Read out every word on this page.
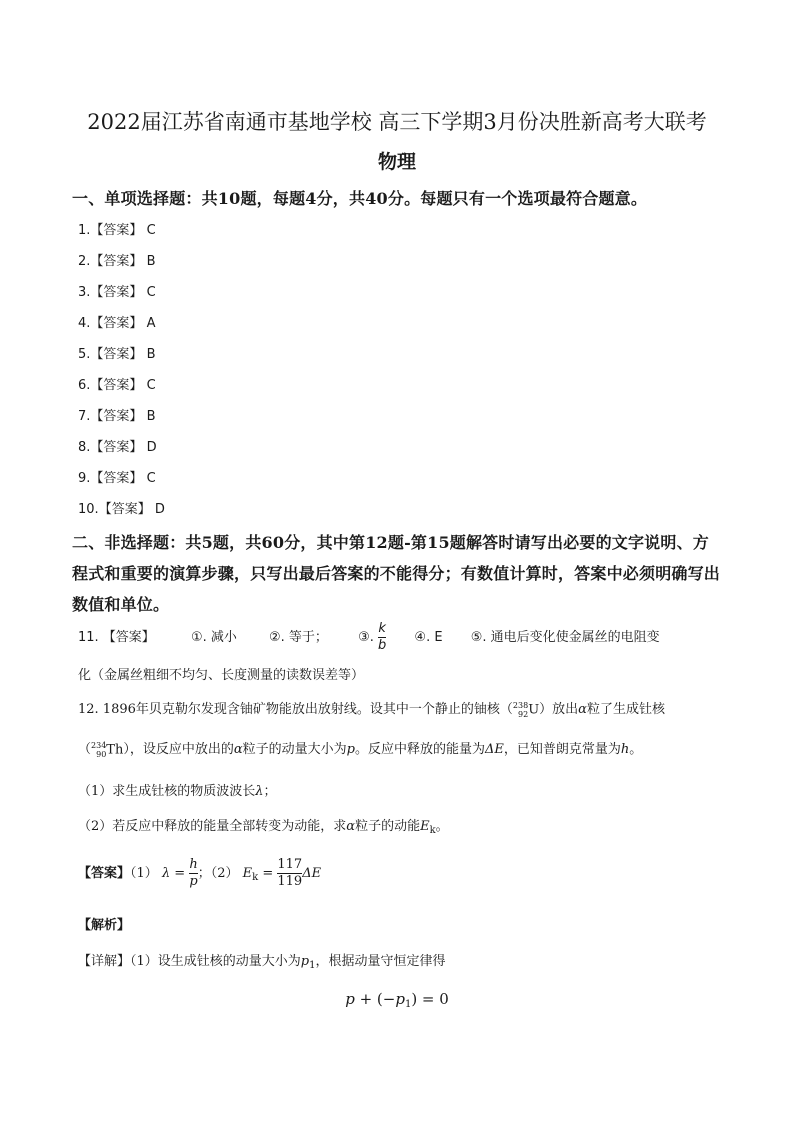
2022届江苏省南通市基地学校 高三下学期3月份决胜新高考大联考
物理
一、单项选择题：共10题，每题4分，共40分。每题只有一个选项最符合题意。
1.【答案】 C
2.【答案】 B
3.【答案】 C
4.【答案】 A
5.【答案】 B
6.【答案】 C
7.【答案】 B
8.【答案】 D
9.【答案】 C
10.【答案】 D
二、非选择题：共5题，共60分，其中第12题-第15题解答时请写出必要的文字说明、方
程式和重要的演算步骤，只写出最后答案的不能得分；有数值计算时，答案中必须明确写出
数值和单位。
11. 【答案】	①. 减小 ②. 等于； ③. $\frac{k}{b}$ ④. E ⑤. 通电后变化使金属丝的电阻变
化（金属丝粗细不均匀、长度测量的读数误差等）
12. 1896年贝克勒尔发现含铀矿物能放出放射线。设其中一个静止的铀核（ 238
92 U）放出α粒了生成钍核
（ 234
90 Th），设反应中放出的α粒子的动量大小为p。反应中释放的能量为ΔE，已知普朗克常量为h。
（1）求生成钍核的物质波波长λ；
（2）若反应中释放的能量全部转变为动能，求α粒子的动能$E_k$。
【答案】（1） $\lambda = \frac{h}{p}$ ；（2） $E_k = \frac{117}{119}$ ΔE
【解析】
【详解】（1）设生成钍核的动量大小为$p_1$，根据动量守恒定律得
$p + (-p_1) = 0$
